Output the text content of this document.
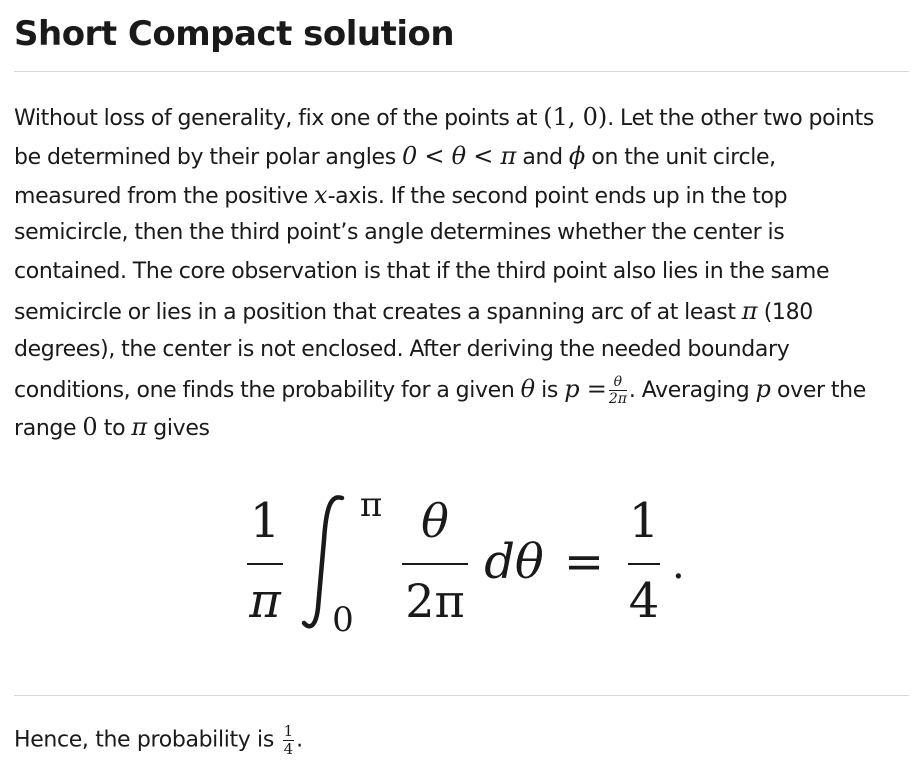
Short Compact solution
Without loss of generality, fix one of the points at (1, 0). Let the other two points
be determined by their polar angles 0 < θ < π and ϕ on the unit circle,
measured from the positive x-axis. If the second point ends up in the top
semicircle, then the third point’s angle determines whether the center is
contained. The core observation is that if the third point also lies in the same
semicircle or lies in a position that creates a spanning arc of at least π (180
degrees), the center is not enclosed. After deriving the needed boundary
conditions, one finds the probability for a given θ is $p = \frac{\theta}{2\pi}$ . Averaging p over the
range 0 to π gives
1
π
π
0
θ
2π
dθ =
1
4
.
Hence, the probability is $\frac{1}{4}$ .
